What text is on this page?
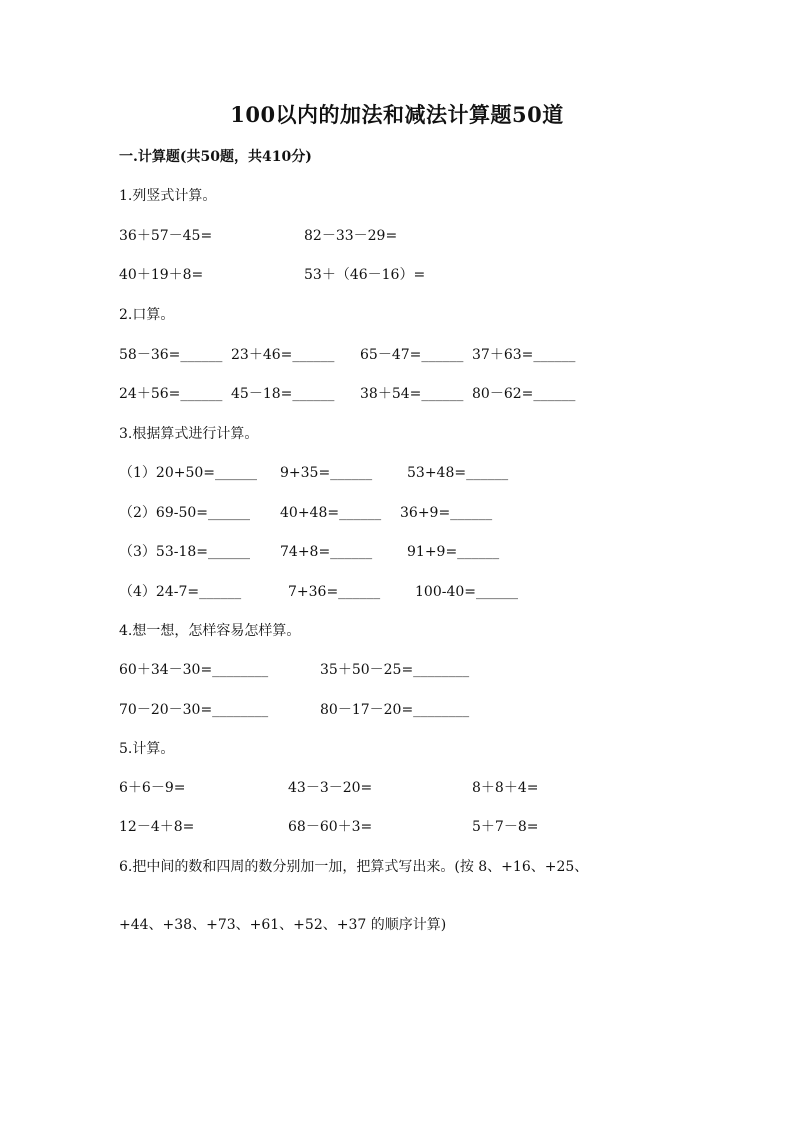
100以内的加法和减法计算题50道
一.计算题(共50题，共410分)
1.列竖式计算。
36＋57－45=	82－33－29=
40＋19＋8=	53＋（46－16）=
2.口算。
58－36=______ 23＋46=______ 65－47=______ 37＋63=______
24＋56=______ 45－18=______ 38＋54=______ 80－62=______
3.根据算式进行计算。
（1）20+50=______ 9+35=______ 53+48=______
（2）69-50=______ 40+48=______ 36+9=______
（3）53-18=______ 74+8=______ 91+9=______
（4）24-7=______	7+36=______ 100-40=______
4.想一想，怎样容易怎样算。
60＋34－30=________	35＋50－25=________
70－20－30=________	80－17－20=________
5.计算。
6＋6－9=	43－3－20=	8＋8＋4=
12－4＋8=	68－60＋3=	5＋7－8=
6.把中间的数和四周的数分别加一加，把算式写出来。(按 8、+16、+25、
+44、+38、+73、+61、+52、+37 的顺序计算)
